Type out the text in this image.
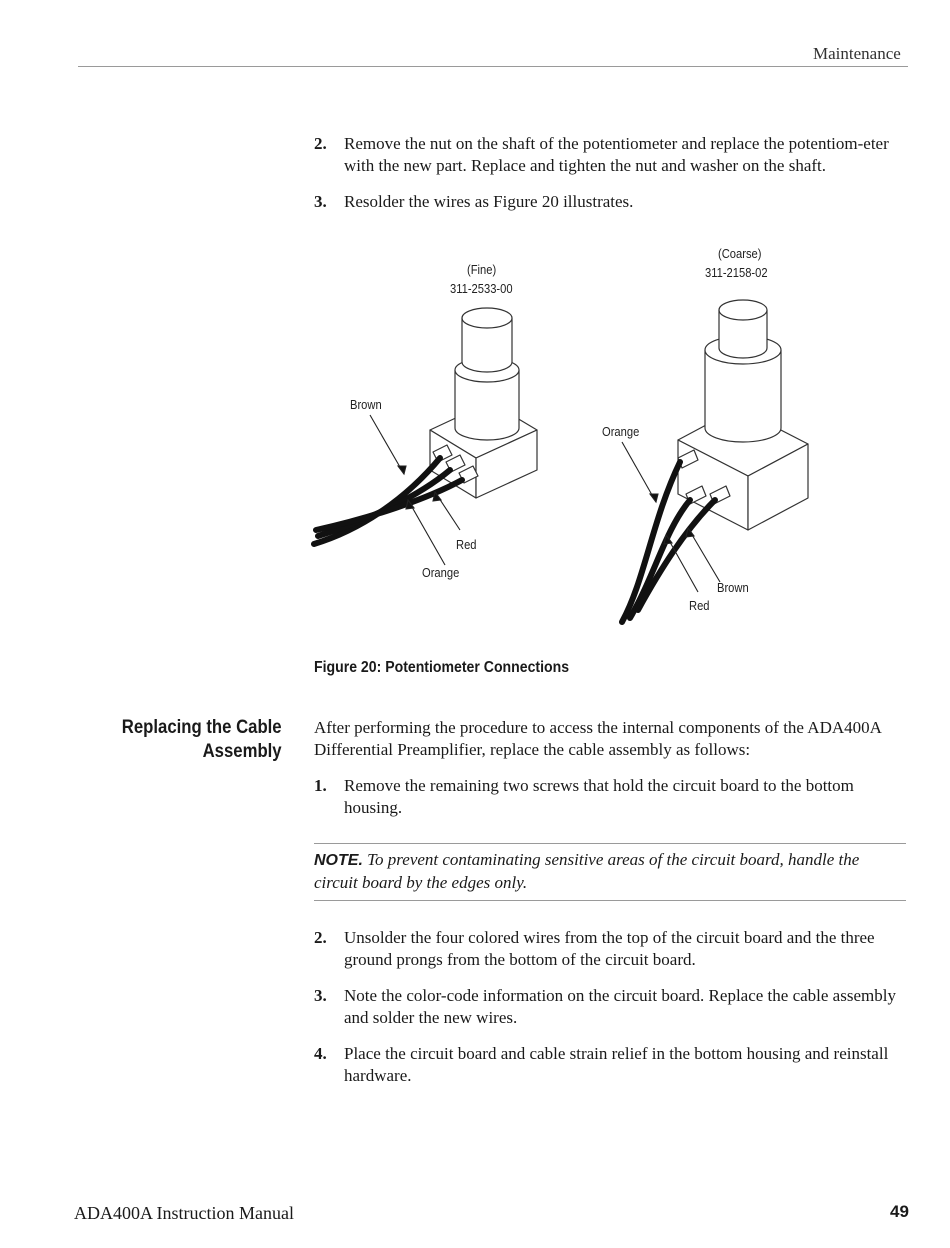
Maintenance
2. Remove the nut on the shaft of the potentiometer and replace the potentiom-eter with the new part. Replace and tighten the nut and washer on the shaft.
3. Resolder the wires as Figure 20 illustrates.
(Fine)
311-2533-00
(Coarse)
311-2158-02
Brown
Red
Orange
Orange
Brown
Red
Figure 20: Potentiometer Connections
Replacing the Cable
Assembly
After performing the procedure to access the internal components of the ADA400A Differential Preamplifier, replace the cable assembly as follows:
1. Remove the remaining two screws that hold the circuit board to the bottom housing.
NOTE. To prevent contaminating sensitive areas of the circuit board, handle the circuit board by the edges only.
2. Unsolder the four colored wires from the top of the circuit board and the three ground prongs from the bottom of the circuit board.
3. Note the color-code information on the circuit board. Replace the cable assembly and solder the new wires.
4. Place the circuit board and cable strain relief in the bottom housing and reinstall hardware.
ADA400A Instruction Manual	49
